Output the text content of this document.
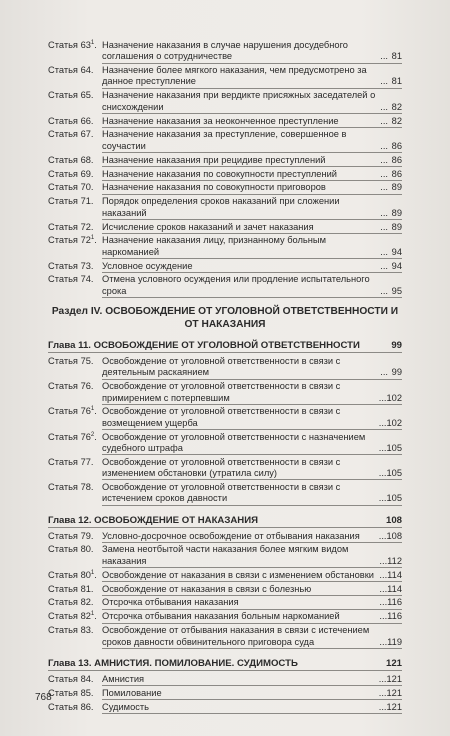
Статья $63^1$. Назначение наказания в случае нарушения досудебного соглашения о сотрудничестве	... 81
Статья 64. Назначение более мягкого наказания, чем предусмотрено за данное преступление	... 81
Статья 65. Назначение наказания при вердикте присяжных заседателей о снисхождении	... 82
Статья 66. Назначение наказания за неоконченное преступление	... 82
Статья 67. Назначение наказания за преступление, совершенное в соучастии	... 86
Статья 68. Назначение наказания при рецидиве преступлений	... 86
Статья 69. Назначение наказания по совокупности преступлений	... 86
Статья 70. Назначение наказания по совокупности приговоров	... 89
Статья 71. Порядок определения сроков наказаний при сложении наказаний	... 89
Статья 72. Исчисление сроков наказаний и зачет наказания	... 89
Статья $72^1$. Назначение наказания лицу, признанному больным наркоманией	... 94
Статья 73. Условное осуждение	... 94
Статья 74. Отмена условного осуждения или продление испытательного срока	... 95
Раздел IV. ОСВОБОЖДЕНИЕ ОТ УГОЛОВНОЙ ОТВЕТСТВЕННОСТИ И ОТ НАКАЗАНИЯ
Глава 11. ОСВОБОЖДЕНИЕ ОТ УГОЛОВНОЙ ОТВЕТСТВЕННОСТИ	99
Статья 75. Освобождение от уголовной ответственности в связи с деятельным раскаянием	... 99
Статья 76. Освобождение от уголовной ответственности в связи с примирением с потерпевшим	... 102
Статья $76^1$. Освобождение от уголовной ответственности в связи с возмещением ущерба	... 102
Статья $76^2$. Освобождение от уголовной ответственности с назначением судебного штрафа	... 105
Статья 77. Освобождение от уголовной ответственности в связи с изменением обстановки (утратила силу)	... 105
Статья 78. Освобождение от уголовной ответственности в связи с истечением сроков давности	... 105
Глава 12. ОСВОБОЖДЕНИЕ ОТ НАКАЗАНИЯ	108
Статья 79. Условно-досрочное освобождение от отбывания наказания	... 108
Статья 80. Замена неотбытой части наказания более мягким видом наказания	... 112
Статья $80^1$. Освобождение от наказания в связи с изменением обстановки ... 114
Статья 81. Освобождение от наказания в связи с болезнью	... 114
Статья 82. Отсрочка отбывания наказания	... 116
Статья $82^1$. Отсрочка отбывания наказания больным наркоманией	... 116
Статья 83. Освобождение от отбывания наказания в связи с истечением сроков давности обвинительного приговора суда	... 119
Глава 13. АМНИСТИЯ. ПОМИЛОВАНИЕ. СУДИМОСТЬ	121
Статья 84. Амнистия	... 121
Статья 85. Помилование	... 121
Статья 86. Судимость	... 121
768
